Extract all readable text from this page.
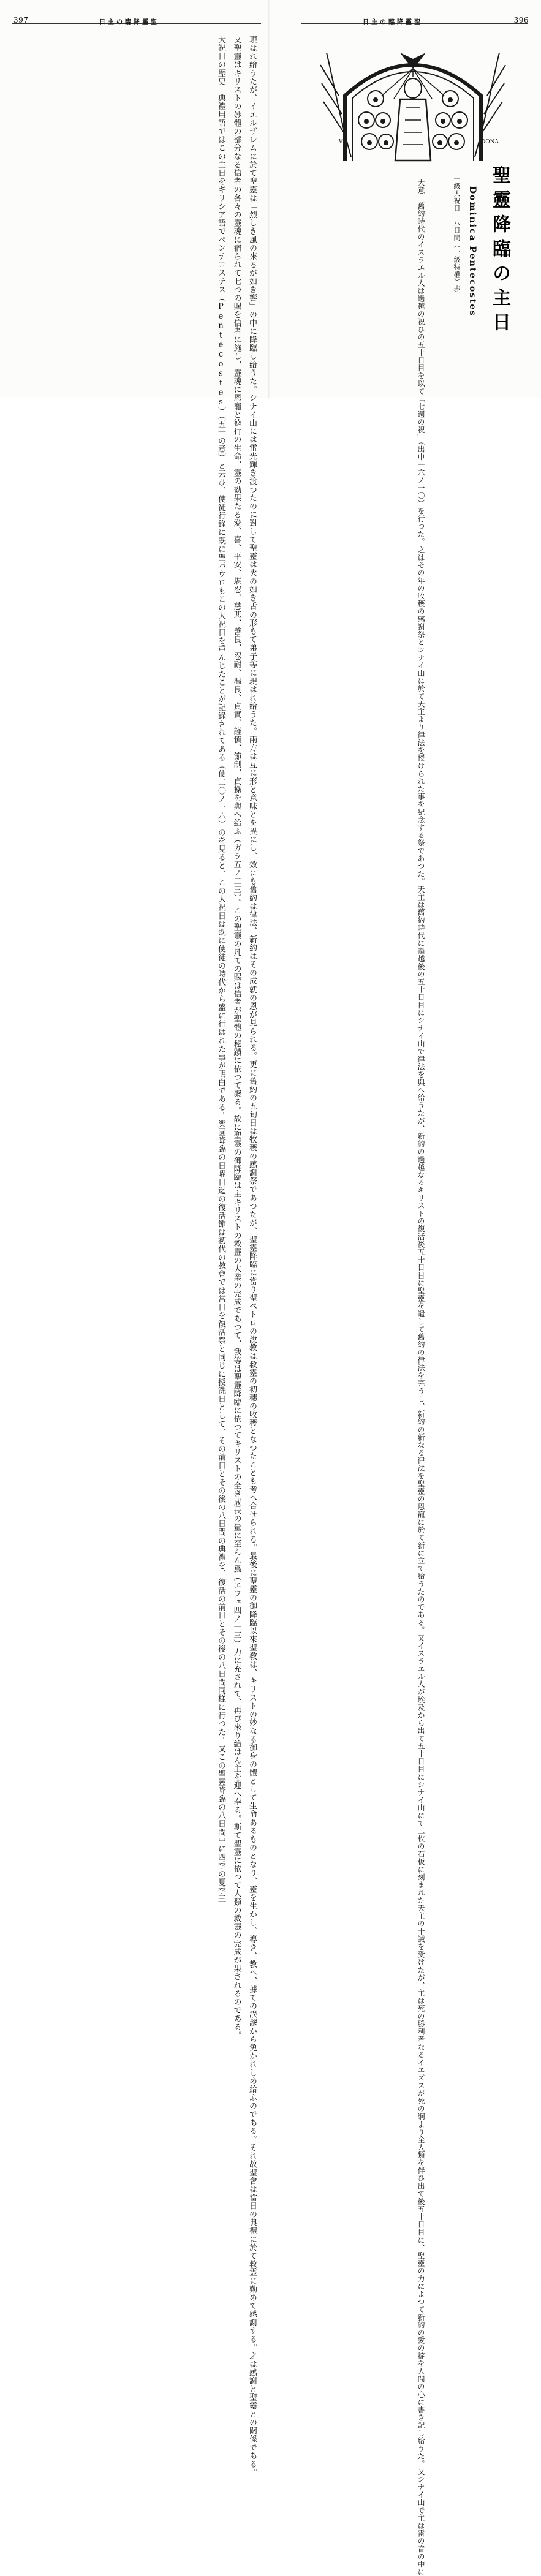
397	日主の臨降靈聖
現はれ給うたが、イエルザレムに於て聖靈は「烈しき風の來るが如き響」の中に降臨し給うた。シナイ山には雷光輝き渡つたのに對して聖靈は火の如き舌の形もて弟子等に現はれ給うた。兩方は互に形と意味とを異にし、效にも舊約は律法、新約はその成就の恩が見られる。更に舊約の五旬日は牧穫の感謝祭であつたが、聖靈降臨に當り聖ペトロの說教は救靈の初穗の收穫となつたことも考へ合せられる。最後に聖靈の御降臨以來聖敎は、キリストの妙なる御身の體として生命あるものとなり、靈を生かし、導き、教へ、據ての誤謬から免かれしめ給ふのである。それ故聖會は當日の典禮に於て救霊に勤めて感謝する。之は感謝と聖靈との關係である。
又聖靈はキリストの妙體の部分なる信者の各々の靈魂に宿られて七つの賜を信者に施し、靈魂に恩寵と徳行の生命、靈の効果たる愛、喜、平安、堪忍、慈悲、善良、忍耐、温良、貞實、謹慎、節制、貞操を與へ給ふ（ガラ五ノ二三）。この聖靈の凡ての賜は信者が聖體の秘蹟に依つて聚る。故に聖靈の御降臨は主キリストの救靈の大業の完成であつて、我等は聖靈降臨に依つてキリストの全き成長の量に至らん爲（エフェ四ノ一三）力に充されて、再び來り給はん主を迎へ奉る。斯て聖靈に依つて人類の救靈の完成が果されるのである。
大祝日の歴史　典禮用語ではこの主日をギリシア語でペンテコステス（Pentecostes）（五十の意）と云ひ、使徒行錄に既に聖パウロもこの大祝日を重んじたことが記錄されてある（使二〇ノ一六）のを見ると、この大祝日は既に使徒の時代から盛に行はれた事が明白である。樂園降臨の日曜日迄の復活節は初代の教會では當日を復活祭と同じに授洗日として、その前日とその後の八日間の典禮を、復活の前日とその後の八日間同樣に行つた。又この聖靈降臨の八日間中に四季の夏季三
日主の臨降靈聖	396
VII	DONA
聖靈降臨の主日
Dominica Pentecostes
一級大祝日　八日間（一級特權）赤
大意　舊約時代のイスラエル人は過越の祝ひの五十日目を以て「七週の祝」（出申一六ノ一〇）を行つた。之はその年の收穫の感謝祭とシナイ山に於て天主より律法を授けられた事を紀念する祭であつた。天主は舊約時代に過越後の五十日目にシナイ山で律法を與へ給うたが、新約の過越なるキリストの復活後五十日目に聖靈を遣して舊約の律法を完うし、新約の新なる律法を聖靈の恩寵に於て新に立て給うたのである。又イスラエル人が埃及から出て五十日目にシナイ山にて二枚の石板に刻まれた天主の十誡を受けたが、主は死の勝利者なるイエズスが死の綱より全人類を伴ひ出て後五十日目に、聖靈の力によつて新約の愛の掟を人間の心に書き記し給うた。又シナイ山で主は雷の音の中に
